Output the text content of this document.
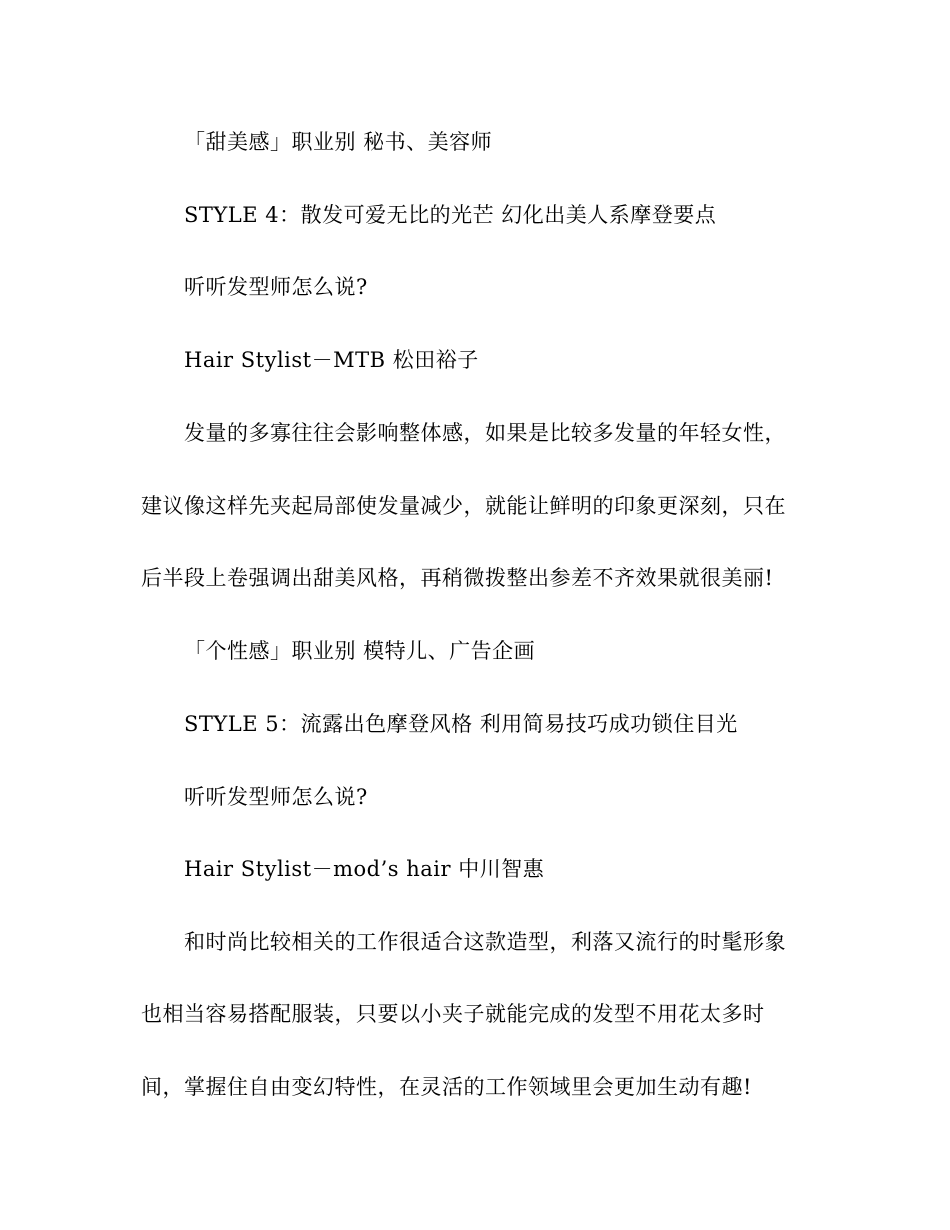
「甜美感」职业别 秘书、美容师
STYLE 4：散发可爱无比的光芒 幻化出美人系摩登要点
听听发型师怎么说?
Hair Stylist－MTB 松田裕子
发量的多寡往往会影响整体感，如果是比较多发量的年轻女性，
建议像这样先夹起局部使发量减少，就能让鲜明的印象更深刻，只在
后半段上卷强调出甜美风格，再稍微拨整出参差不齐效果就很美丽!
「个性感」职业别 模特儿、广告企画
STYLE 5：流露出色摩登风格 利用简易技巧成功锁住目光
听听发型师怎么说?
Hair Stylist－mod’s hair 中川智惠
和时尚比较相关的工作很适合这款造型，利落又流行的时髦形象
也相当容易搭配服装，只要以小夹子就能完成的发型不用花太多时
间，掌握住自由变幻特性，在灵活的工作领域里会更加生动有趣!
